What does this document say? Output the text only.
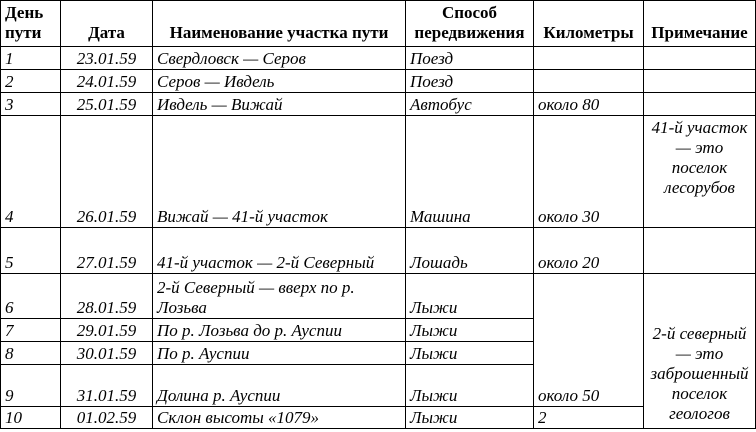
День пути	Дата	Наименование участка пути	Способ передвижения	Километры	Примечание
1	23.01.59	Свердловск — Серов	Поезд		
2	24.01.59	Серов — Ивдель	Поезд		
3	25.01.59	Ивдель — Вижай	Автобус	около 80	
4	26.01.59	Вижай — 41-й участок	Машина	около 30	41-й участок — это поселок лесорубов
5	27.01.59	41-й участок — 2-й Северный	Лошадь	около 20	
6	28.01.59	2-й Северный — вверх по р. Лозьва	Лыжи	около 50	2-й северный — это заброшенный поселок геологов
7	29.01.59	По р. Лозьва до р. Ауспии	Лыжи		
8	30.01.59	По р. Ауспии	Лыжи		
9	31.01.59	Долина р. Ауспии	Лыжи		
10	01.02.59	Склон высоты «1079»	Лыжи	2	
